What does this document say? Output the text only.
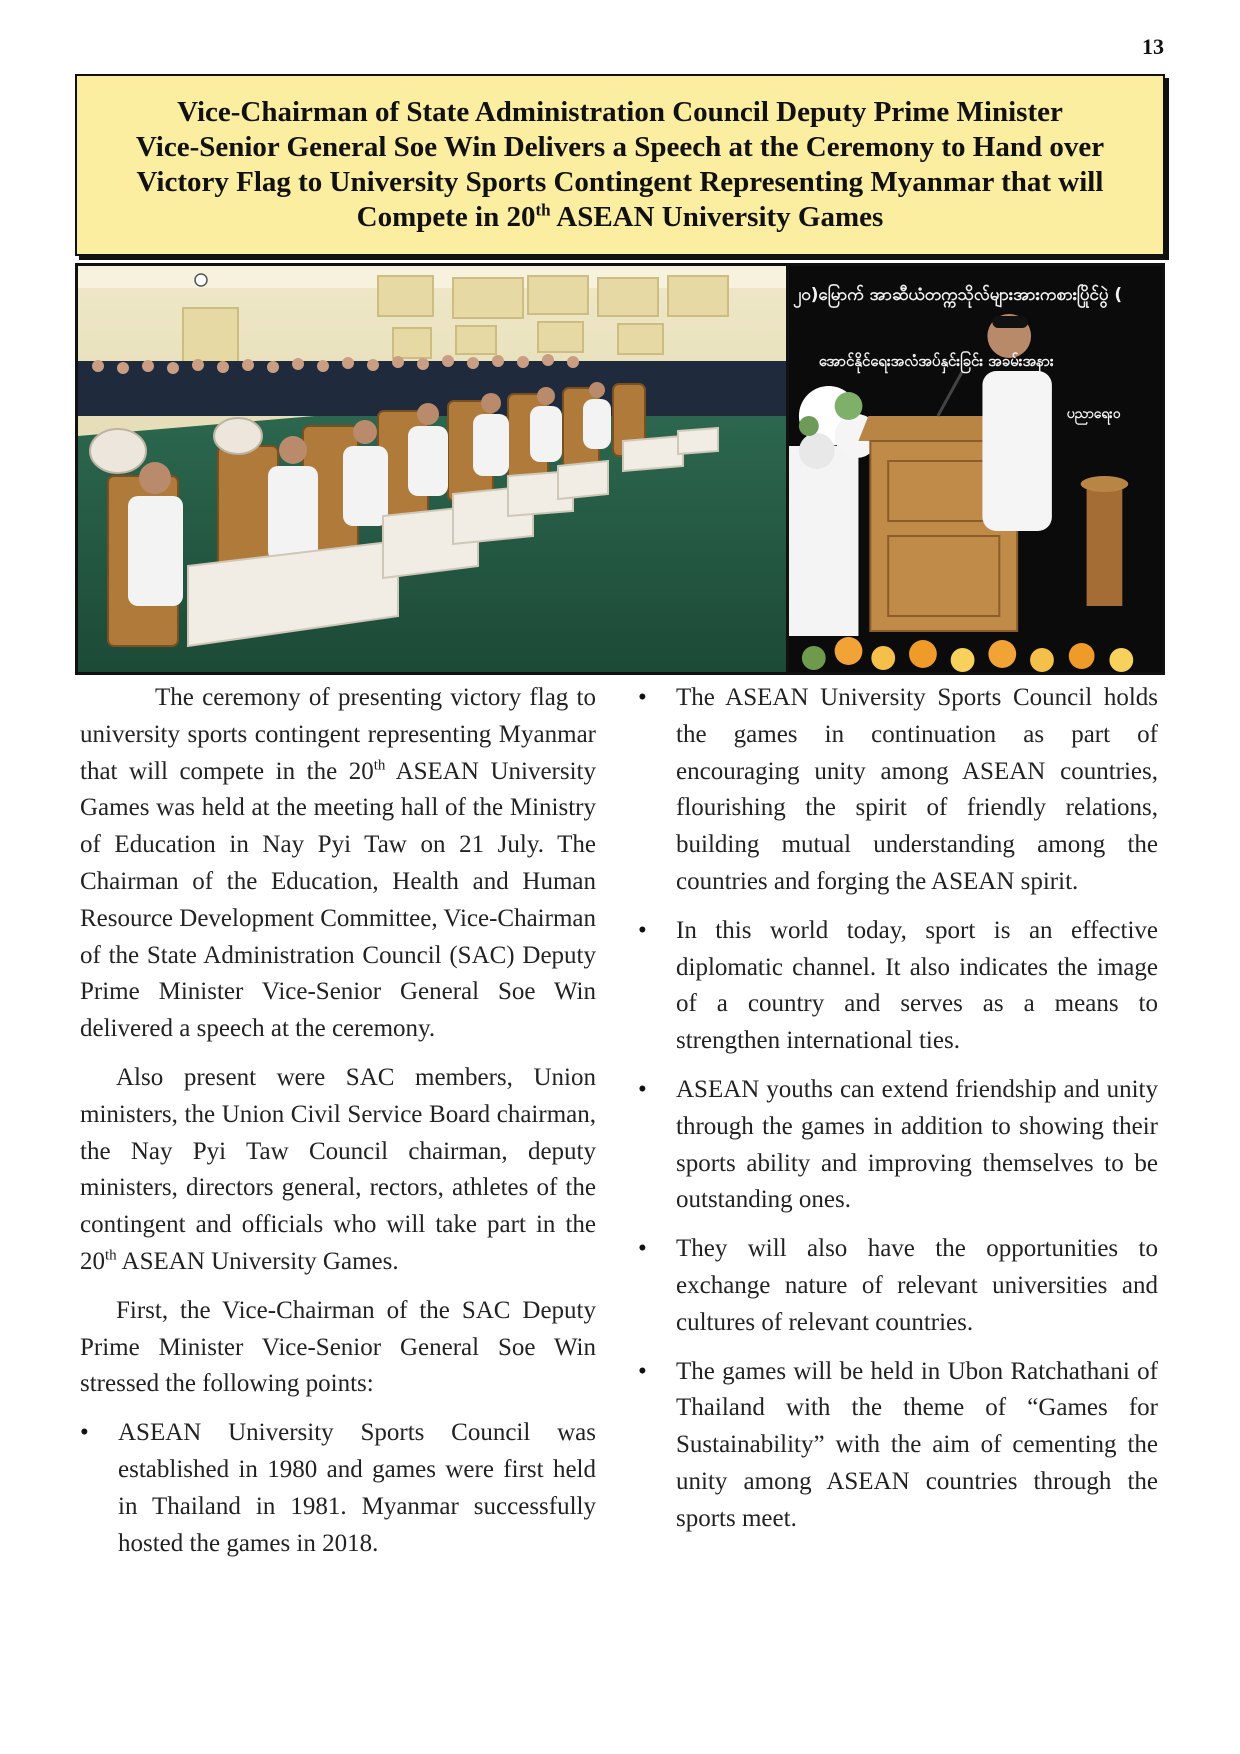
13
Vice-Chairman of State Administration Council Deputy Prime Minister
Vice-Senior General Soe Win Delivers a Speech at the Ceremony to Hand over
Victory Flag to University Sports Contingent Representing Myanmar that will
Compete in 20th ASEAN University Games
၂၀)မြောက် အာဆီယံတက္ကသိုလ်များအားကစားပြိုင်ပွဲ (
အောင်နိုင်ရေးအလံအပ်နှင်းခြင်း အခမ်းအနား
ပညာရေး၀

The ceremony of presenting victory flag to university sports contingent representing Myanmar that will compete in the 20th ASEAN University Games was held at the meeting hall of the Ministry of Education in Nay Pyi Taw on 21 July. The Chairman of the Education, Health and Human Resource Development Committee, Vice-Chairman of the State Administration Council (SAC) Deputy Prime Minister Vice-Senior General Soe Win delivered a speech at the ceremony.

Also present were SAC members, Union ministers, the Union Civil Service Board chairman, the Nay Pyi Taw Council chairman, deputy ministers, directors general, rectors, athletes of the contingent and officials who will take part in the 20th ASEAN University Games.

First, the Vice-Chairman of the SAC Deputy Prime Minister Vice-Senior General Soe Win stressed the following points:

• ASEAN University Sports Council was established in 1980 and games were first held in Thailand in 1981. Myanmar successfully hosted the games in 2018.
• The ASEAN University Sports Council holds the games in continuation as part of encouraging unity among ASEAN countries, flourishing the spirit of friendly relations, building mutual understanding among the countries and forging the ASEAN spirit.
• In this world today, sport is an effective diplomatic channel. It also indicates the image of a country and serves as a means to strengthen international ties.
• ASEAN youths can extend friendship and unity through the games in addition to showing their sports ability and improving themselves to be outstanding ones.
• They will also have the opportunities to exchange nature of relevant universities and cultures of relevant countries.
• The games will be held in Ubon Ratchathani of Thailand with the theme of “Games for Sustainability” with the aim of cementing the unity among ASEAN countries through the sports meet.
